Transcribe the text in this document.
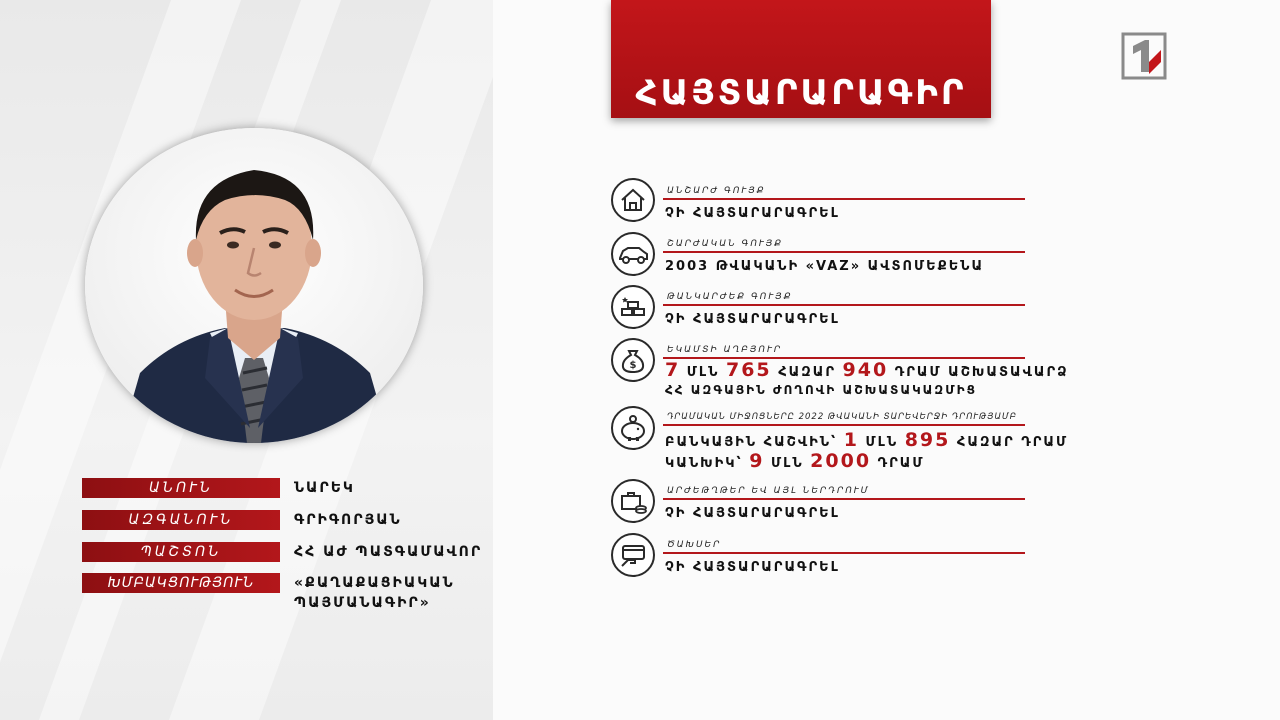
ԱՆՈՒՆ	ՆԱՐԵԿ
ԱԶԳԱՆՈՒՆ	ԳՐԻԳՈՐՅԱՆ
ՊԱՇՏՈՆ	ՀՀ ԱԺ ՊԱՏԳԱՄԱՎՈՐ
ԽՄԲԱԿՑՈՒԹՅՈՒՆ	«ՔԱՂԱՔԱՑԻԱԿԱՆ
ՊԱՅՄԱՆԱԳԻՐ»
ՀԱՅՏԱՐԱՐԱԳԻՐ
ԱՆՇԱՐԺ ԳՈՒՅՔ
ՉԻ ՀԱՅՏԱՐԱՐԱԳՐԵԼ
ՇԱՐԺԱԿԱՆ ԳՈՒՅՔ
2003 ԹՎԱԿԱՆԻ «VAZ» ԱՎՏՈՄԵՔԵՆԱ
ԹԱՆԿԱՐԺԵՔ ԳՈՒՅՔ
ՉԻ ՀԱՅՏԱՐԱՐԱԳՐԵԼ
$
ԵԿԱՄՏԻ ԱՂԲՅՈՒՐ
7 ՄԼՆ 765 ՀԱԶԱՐ 940 ԴՐԱՄ ԱՇԽԱՏԱՎԱՐՁ
ՀՀ ԱԶԳԱՅԻՆ ԺՈՂՈՎԻ ԱՇԽԱՏԱԿԱԶՄԻՑ
ԴՐԱՄԱԿԱՆ ՄԻՋՈՑՆԵՐԸ 2022 ԹՎԱԿԱՆԻ ՏԱՐԵՎԵՐՋԻ ԴՐՈՒԹՅԱՄԲ
ԲԱՆԿԱՅԻՆ ՀԱՇՎԻՆ՝ 1 ՄԼՆ 895 ՀԱԶԱՐ ԴՐԱՄ
ԿԱՆԽԻԿ՝ 9 ՄԼՆ 2000 ԴՐԱՄ
ԱՐԺԵԹՂԹԵՐ ԵՎ ԱՅԼ ՆԵՐԴՐՈՒՄ
ՉԻ ՀԱՅՏԱՐԱՐԱԳՐԵԼ
ԾԱԽՍԵՐ
ՉԻ ՀԱՅՏԱՐԱՐԱԳՐԵԼ
